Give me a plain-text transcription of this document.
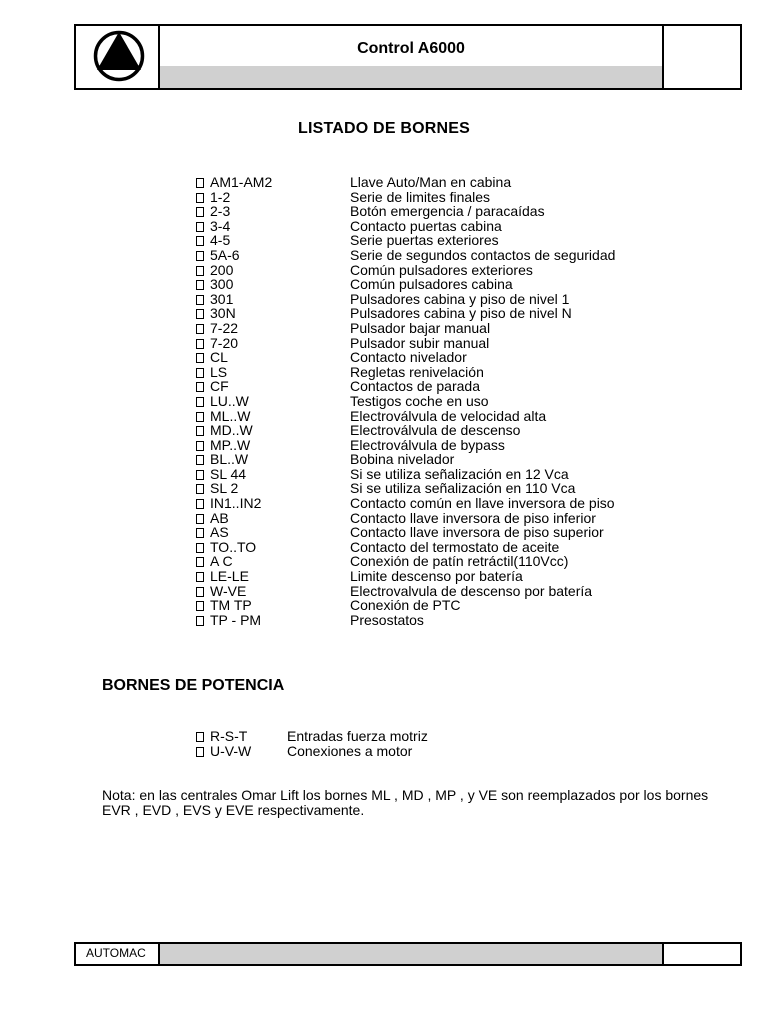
Control A6000
LISTADO DE BORNES
AM1-AM2	Llave Auto/Man en cabina
1-2	Serie de limites finales
2-3	Botón emergencia / paracaídas
3-4	Contacto puertas cabina
4-5	Serie puertas exteriores
5A-6	Serie de segundos contactos de seguridad
200	Común pulsadores exteriores
300	Común pulsadores cabina
301	Pulsadores cabina y piso de nivel 1
30N	Pulsadores cabina y piso de nivel N
7-22	Pulsador bajar manual
7-20	Pulsador subir manual
CL	Contacto nivelador
LS	Regletas renivelación
CF	Contactos de parada
LU..W	Testigos coche en uso
ML..W	Electroválvula de velocidad alta
MD..W	Electroválvula de descenso
MP..W	Electroválvula de bypass
BL..W	Bobina nivelador
SL 44	Si se utiliza señalización en 12 Vca
SL 2	Si se utiliza señalización en 110 Vca
IN1..IN2	Contacto común en llave inversora de piso
AB	Contacto llave inversora de piso inferior
AS	Contacto llave inversora de piso superior
TO..TO	Contacto del termostato de aceite
A C	Conexión de patín retráctil(110Vcc)
LE-LE	Limite descenso por batería
W-VE	Electrovalvula de descenso por batería
TM TP	Conexión de PTC
TP - PM	Presostatos
BORNES DE POTENCIA
R-S-T	Entradas fuerza motriz
U-V-W	Conexiones a motor

Nota: en las centrales Omar Lift los bornes ML , MD , MP , y VE son reemplazados por los bornes EVR , EVD , EVS y EVE respectivamente.

AUTOMAC
